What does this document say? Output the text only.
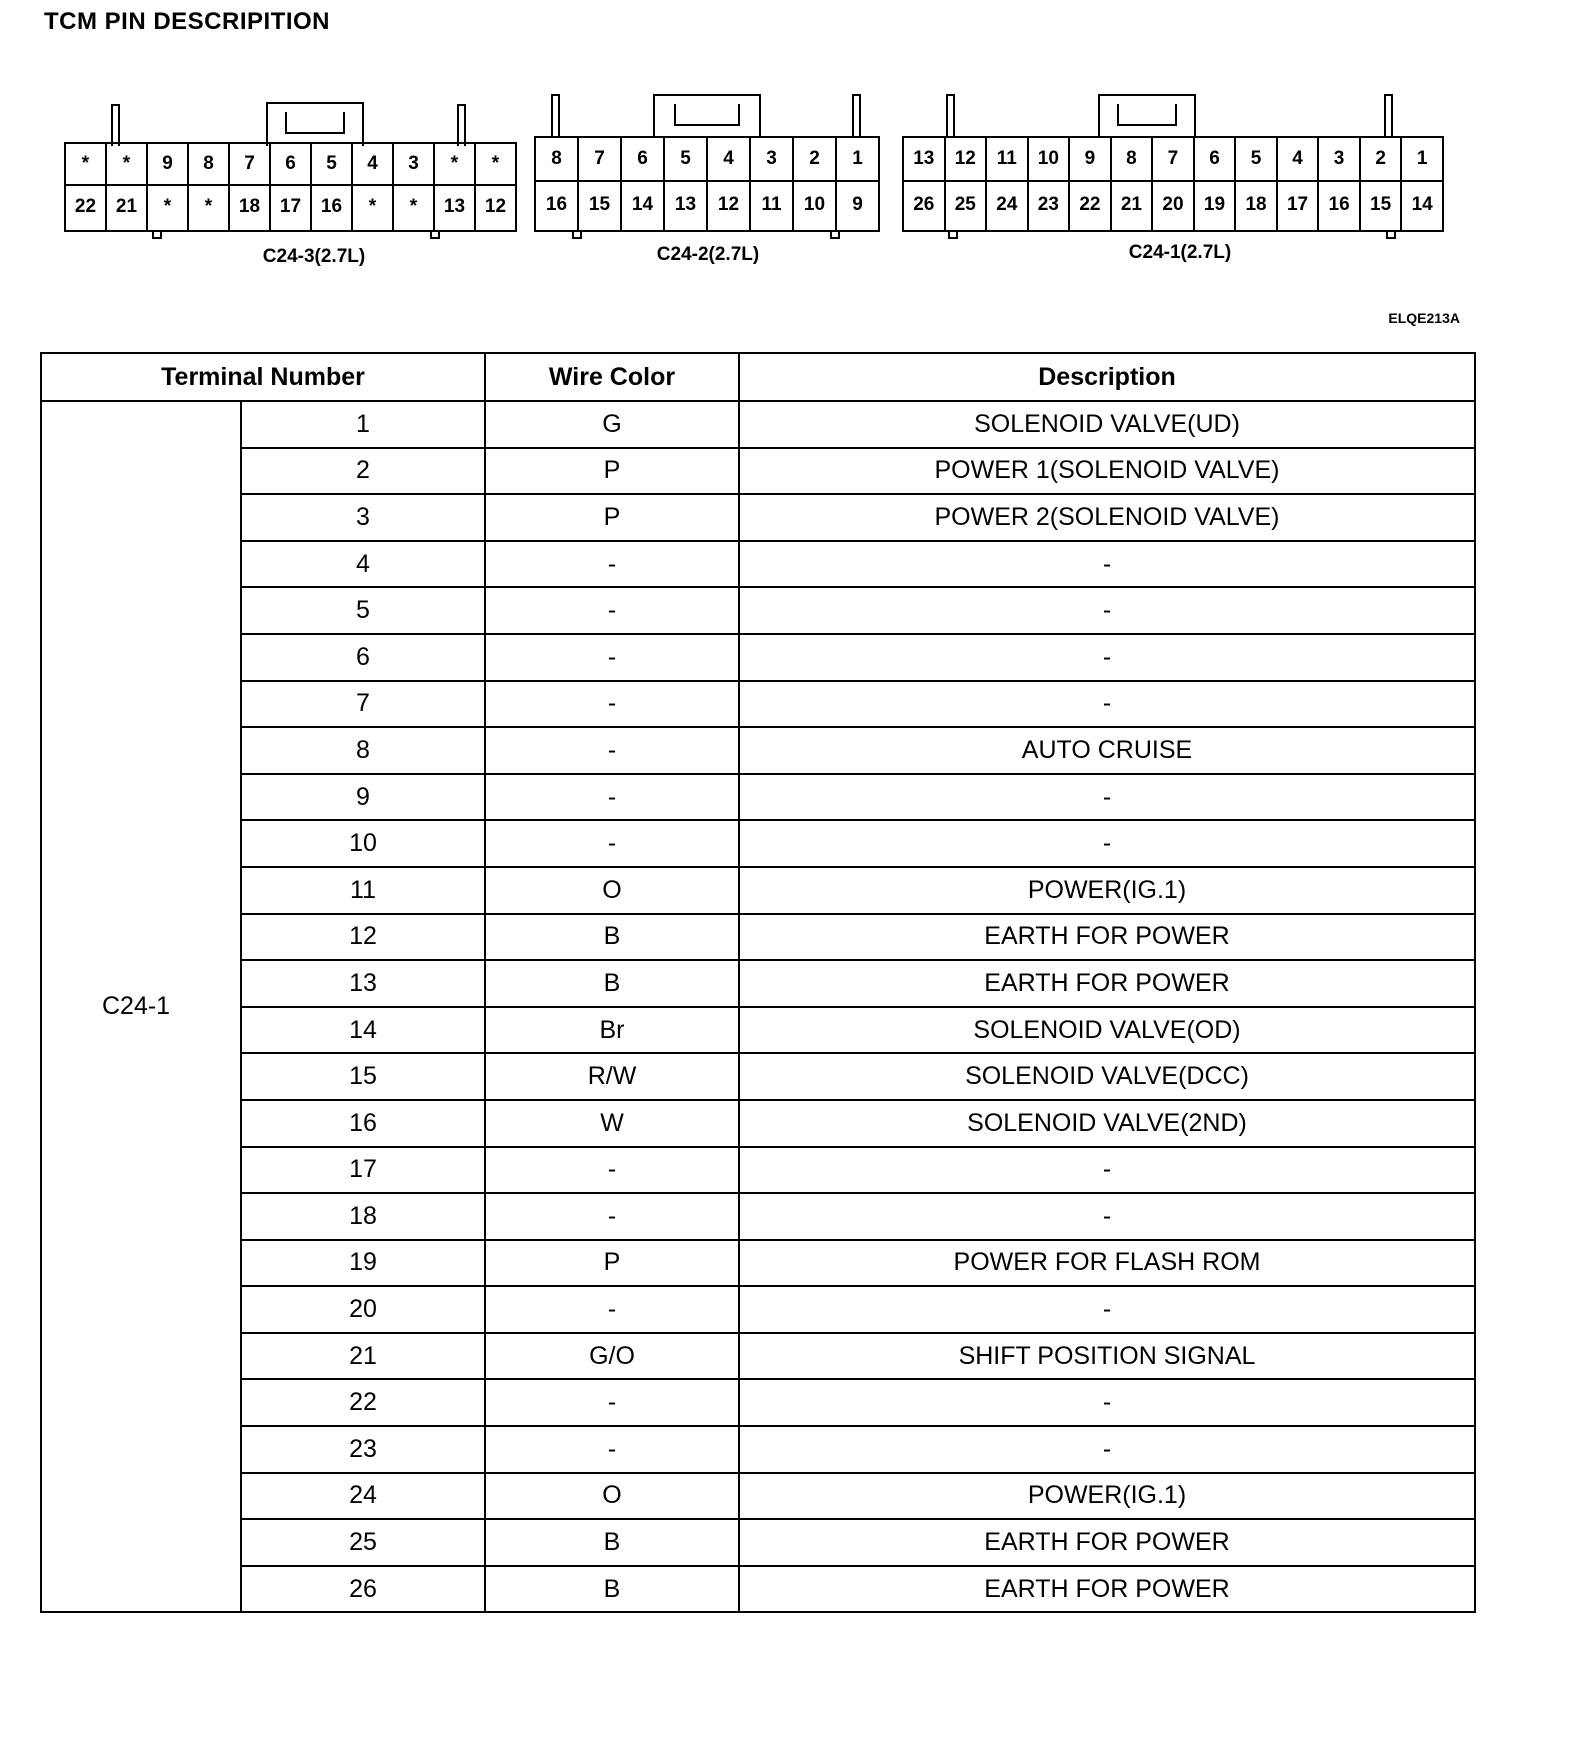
TCM PIN DESCRIPITION
*	*	9	8	7	6	5	4	3	*	*
22	21	*	*	18	17	16	*	*	13	12
C24-3(2.7L)
8	7	6	5	4	3	2	1
16	15	14	13	12	11	10	9
C24-2(2.7L)
13	12	11	10	9	8	7	6	5	4	3	2	1
26	25	24	23	22	21	20	19	18	17	16	15	14
C24-1(2.7L)
ELQE213A
Terminal Number		Wire Color	Description
C24-1	1	G	SOLENOID VALVE(UD)
	2	P	POWER 1(SOLENOID VALVE)
	3	P	POWER 2(SOLENOID VALVE)
	4	-	-
	5	-	-
	6	-	-
	7	-	-
	8	-	AUTO CRUISE
	9	-	-
	10	-	-
	11	O	POWER(IG.1)
	12	B	EARTH FOR POWER
	13	B	EARTH FOR POWER
	14	Br	SOLENOID VALVE(OD)
	15	R/W	SOLENOID VALVE(DCC)
	16	W	SOLENOID VALVE(2ND)
	17	-	-
	18	-	-
	19	P	POWER FOR FLASH ROM
	20	-	-
	21	G/O	SHIFT POSITION SIGNAL
	22	-	-
	23	-	-
	24	O	POWER(IG.1)
	25	B	EARTH FOR POWER
	26	B	EARTH FOR POWER
